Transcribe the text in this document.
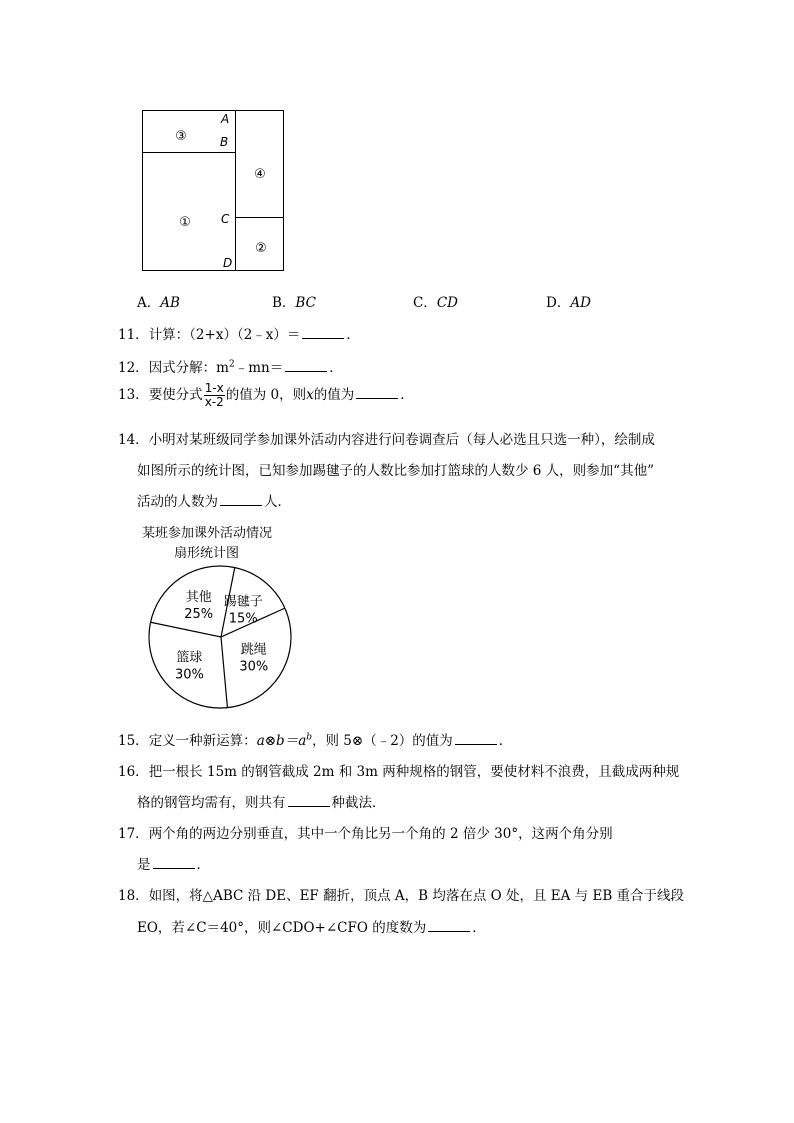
③
①
④
②
A
B
C
D
A．AB	B．BC	C．CD	D．AD
11．计算：（2+x）（2﹣x）＝	．
12．因式分解：$m^2﹣mn=$	．
13．要使分式 $\frac{1-x}{x-2}$ 的值为 0，则x的值为	．
14．小明对某班级同学参加课外活动内容进行问卷调查后（每人必选且只选一种），绘制成
如图所示的统计图，已知参加踢毽子的人数比参加打篮球的人数少 6 人，则参加“其他”
活动的人数为	人．
某班参加课外活动情况
扇形统计图
踢毽子
15%
跳绳
30%
篮球
30%
其他
25%
15．定义一种新运算：$a\otimes b=a^b$，则 5⊗（﹣2）的值为	．
16．把一根长 15m 的钢管截成 2m 和 3m 两种规格的钢管，要使材料不浪费，且截成两种规
格的钢管均需有，则共有	种截法．
17．两个角的两边分别垂直，其中一个角比另一个角的 2 倍少 30°，这两个角分别
是	．
18．如图，将△ABC 沿 DE、EF 翻折，顶点 A，B 均落在点 O 处，且 EA 与 EB 重合于线段
EO，若∠C＝40°，则∠CDO+∠CFO 的度数为	．
